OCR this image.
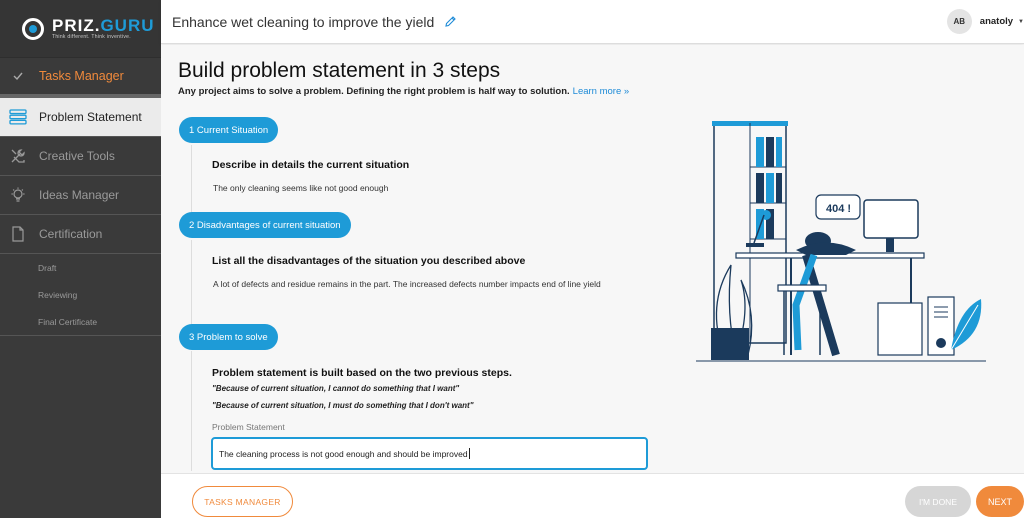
PRIZ.GURU
Think different. Think inventive.
Tasks Manager
Problem Statement
Creative Tools
Ideas Manager
Certification
Draft
Reviewing
Final Certificate
Enhance wet cleaning to improve the yield	AB	anatoly ▼
Build problem statement in 3 steps
Any project aims to solve a problem. Defining the right problem is half way to solution. Learn more »
1 Current Situation
Describe in details the current situation
The only cleaning seems like not good enough
2 Disadvantages of current situation
List all the disadvantages of the situation you described above
A lot of defects and residue remains in the part. The increased defects number impacts end of line yield
3 Problem to solve
Problem statement is built based on the two previous steps.
"Because of current situation, I cannot do something that I want"
"Because of current situation, I must do something that I don't want"
Problem Statement
The cleaning process is not good enough and should be improved
404 !
TASKS MANAGER	I'M DONE	NEXT
